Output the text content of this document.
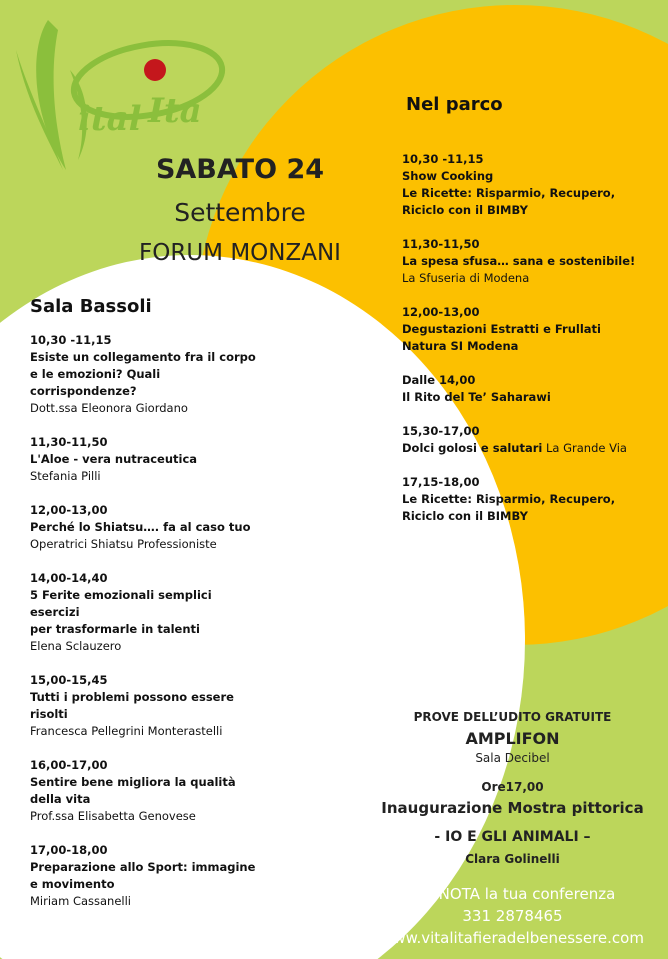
ital Ita
SABATO 24
Settembre
FORUM MONZANI
Nel parco
10,30 -11,15
Show Cooking
Le Ricette: Risparmio, Recupero,
Riciclo con il BIMBY
11,30-11,50
La spesa sfusa… sana e sostenibile!
La Sfuseria di Modena
12,00-13,00
Degustazioni Estratti e Frullati
Natura SI Modena
Dalle 14,00
Il Rito del Te’ Saharawi
15,30-17,00
Dolci golosi e salutari La Grande Via
17,15-18,00
Le Ricette: Risparmio, Recupero,
Riciclo con il BIMBY
Sala Bassoli
10,30 -11,15
Esiste un collegamento fra il corpo
e le emozioni? Quali
corrispondenze?
Dott.ssa Eleonora Giordano
11,30-11,50
L'Aloe - vera nutraceutica
Stefania Pilli
12,00-13,00
Perché lo Shiatsu…. fa al caso tuo
Operatrici Shiatsu Professioniste
14,00-14,40
5 Ferite emozionali semplici esercizi
per trasformarle in talenti
Elena Sclauzero
15,00-15,45
Tutti i problemi possono essere
risolti
Francesca Pellegrini Monterastelli
16,00-17,00
Sentire bene migliora la qualità
della vita
Prof.ssa Elisabetta Genovese
17,00-18,00
Preparazione allo Sport: immagine
e movimento
Miriam Cassanelli
PROVE DELL’UDITO GRATUITE
AMPLIFON
Sala Decibel
Ore17,00
Inaugurazione Mostra pittorica
- IO E GLI ANIMALI –
Clara Golinelli
PRENOTA la tua conferenza
331 2878465
www.vitalitafieradelbenessere.com
